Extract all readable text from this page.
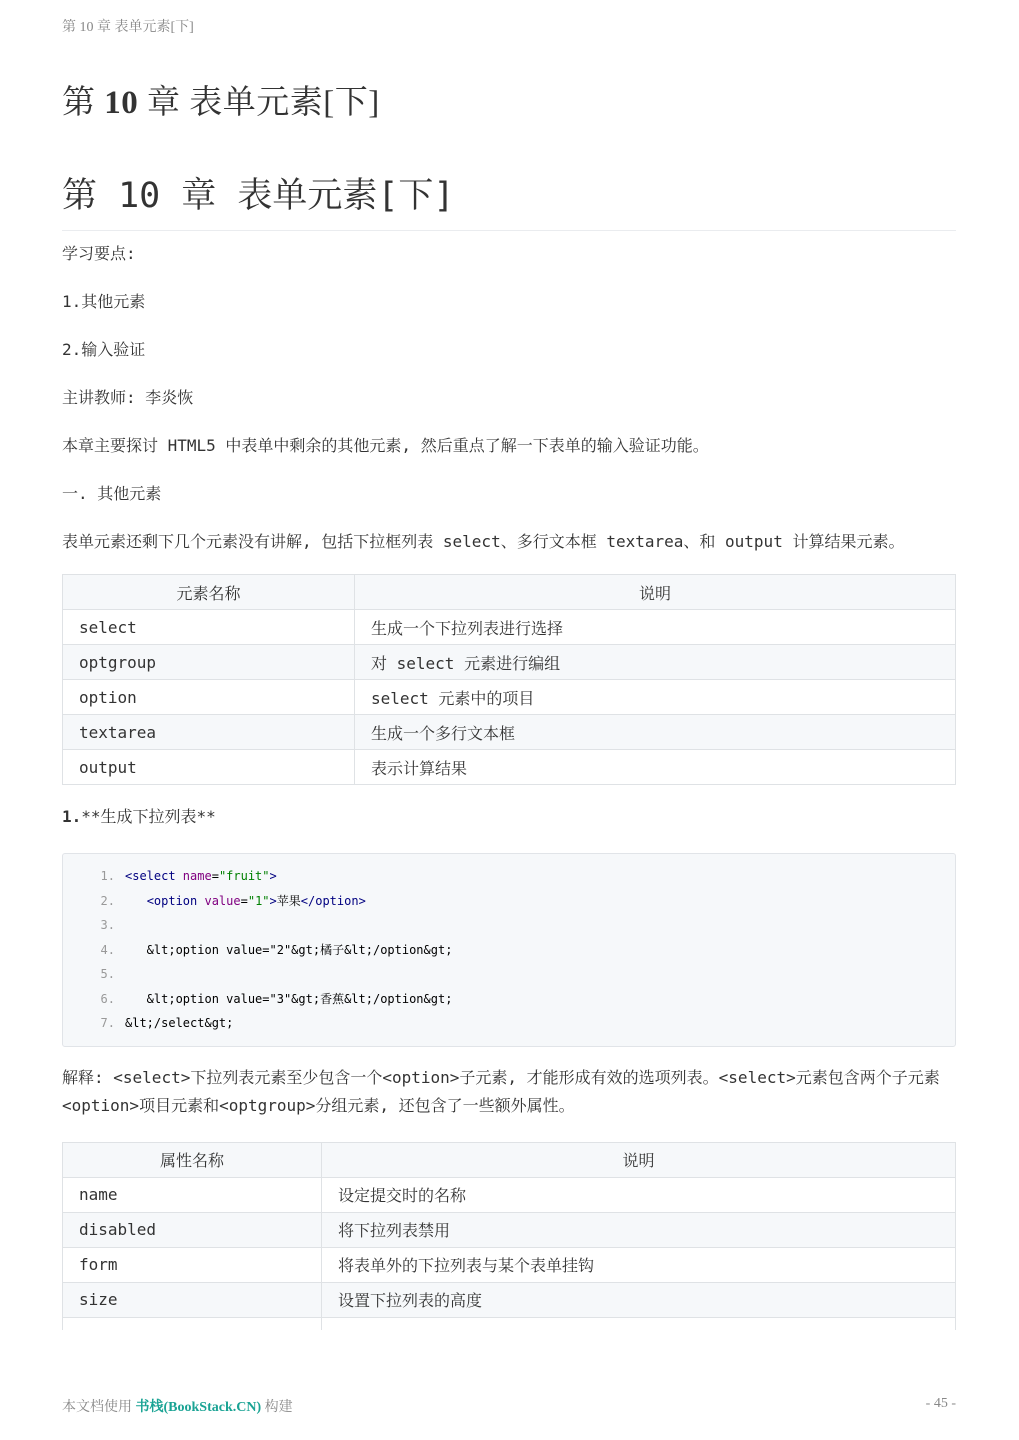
第 10 章 表单元素[下]
第 10 章 表单元素[下]
第 10 章 表单元素[下]

学习要点:

1.其他元素

2.输入验证

主讲教师: 李炎恢

本章主要探讨 HTML5 中表单中剩余的其他元素, 然后重点了解一下表单的输入验证功能。

一. 其他元素

表单元素还剩下几个元素没有讲解, 包括下拉框列表 select、多行文本框 textarea、和 output 计算结果元素。

元素名称	说明
select	生成一个下拉列表进行选择
optgroup	对 select 元素进行编组
option	select 元素中的项目
textarea	生成一个多行文本框
output	表示计算结果

1.**生成下拉列表**

1. <select name="fruit">
2.	<option value="1">苹果</option>
3.
4. &lt;option value="2"&gt;橘子&lt;/option&gt;
5.
6. &lt;option value="3"&gt;香蕉&lt;/option&gt;
7. &lt;/select&gt;

解释: <select>下拉列表元素至少包含一个<option>子元素, 才能形成有效的选项列表。<select>元素包含两个子元素<option>项目元素和<optgroup>分组元素, 还包含了一些额外属性。

属性名称	说明
name	设定提交时的名称
disabled	将下拉列表禁用
form	将表单外的下拉列表与某个表单挂钩
size	设置下拉列表的高度

本文档使用 书栈(BookStack.CN) 构建	- 45 -
